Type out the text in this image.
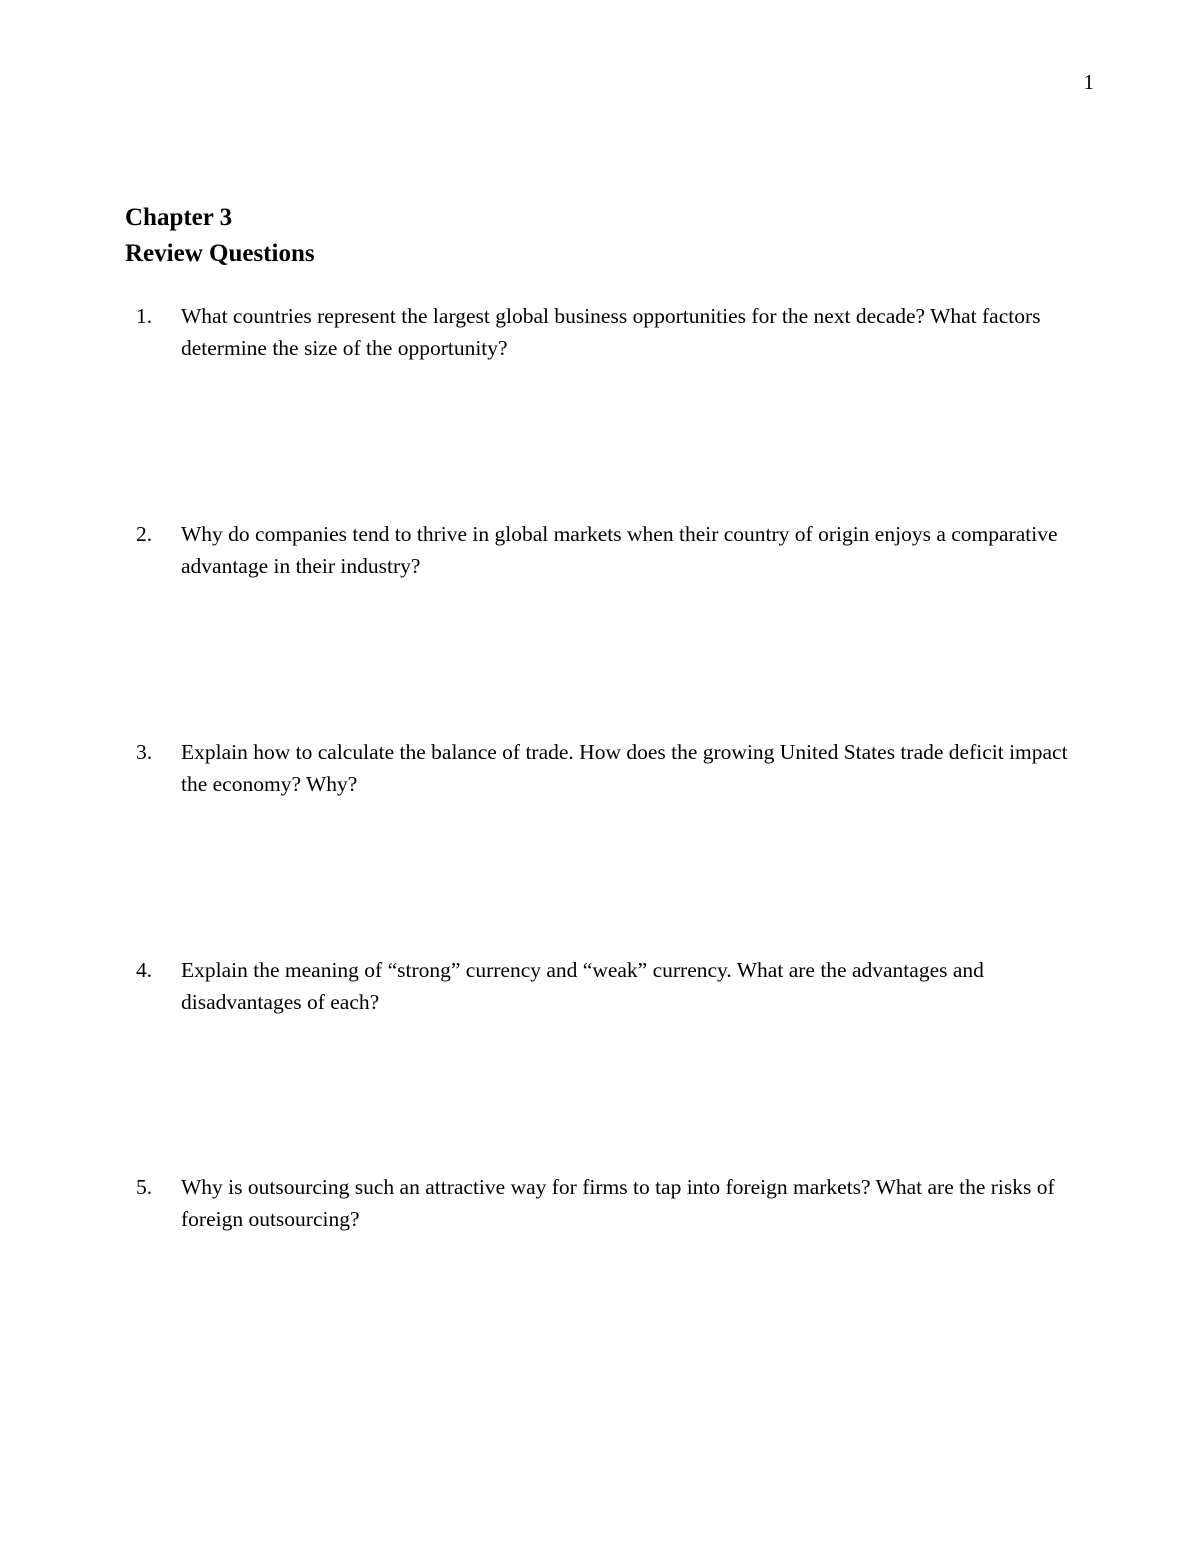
1
Chapter 3
Review Questions
1.	What countries represent the largest global business opportunities for the next decade? What factors determine the size of the opportunity?
2.	Why do companies tend to thrive in global markets when their country of origin enjoys a comparative advantage in their industry?
3.	Explain how to calculate the balance of trade. How does the growing United States trade deficit impact the economy? Why?
4.	Explain the meaning of “strong” currency and “weak” currency. What are the advantages and disadvantages of each?
5.	Why is outsourcing such an attractive way for firms to tap into foreign markets? What are the risks of foreign outsourcing?
